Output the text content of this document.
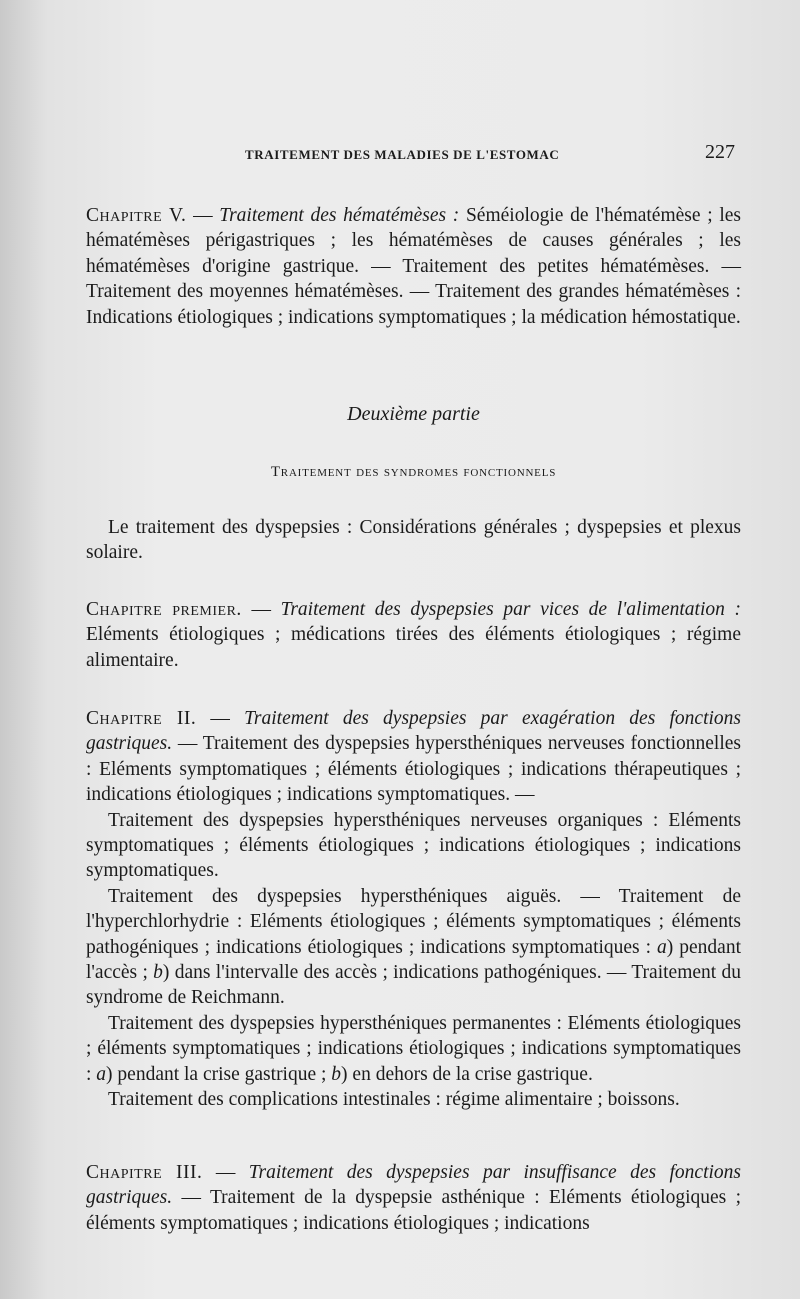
TRAITEMENT DES MALADIES DE L'ESTOMAC	227

Chapitre V. — Traitement des hématémèses : Séméiologie de l'hématémèse ; les hématémèses périgastriques ; les hématémèses de causes générales ; les hématémèses d'origine gastrique. — Traitement des petites hématémèses. — Traitement des moyennes hématémèses. — Traitement des grandes hématémèses : Indications étiologiques ; indications symptomatiques ; la médication hémostatique.

Deuxième partie
Traitement des syndromes fonctionnels

Le traitement des dyspepsies : Considérations générales ; dyspepsies et plexus solaire.

Chapitre premier. — Traitement des dyspepsies par vices de l'alimentation : Eléments étiologiques ; médications tirées des éléments étiologiques ; régime alimentaire.

Chapitre II. — Traitement des dyspepsies par exagération des fonctions gastriques. — Traitement des dyspepsies hypersthéniques nerveuses fonctionnelles : Eléments symptomatiques ; éléments étiologiques ; indications thérapeutiques ; indications étiologiques ; indications symptomatiques. —

Traitement des dyspepsies hypersthéniques nerveuses organiques : Eléments symptomatiques ; éléments étiologiques ; indications étiologiques ; indications symptomatiques.

Traitement des dyspepsies hypersthéniques aiguës. — Traitement de l'hyperchlorhydrie : Eléments étiologiques ; éléments symptomatiques ; éléments pathogéniques ; indications étiologiques ; indications symptomatiques : a) pendant l'accès ; b) dans l'intervalle des accès ; indications pathogéniques. — Traitement du syndrome de Reichmann.

Traitement des dyspepsies hypersthéniques permanentes : Eléments étiologiques ; éléments symptomatiques ; indications étiologiques ; indications symptomatiques : a) pendant la crise gastrique ; b) en dehors de la crise gastrique.

Traitement des complications intestinales : régime alimentaire ; boissons.

Chapitre III. — Traitement des dyspepsies par insuffisance des fonctions gastriques. — Traitement de la dyspepsie asthénique : Eléments étiologiques ; éléments symptomatiques ; indications étiologiques ; indications
